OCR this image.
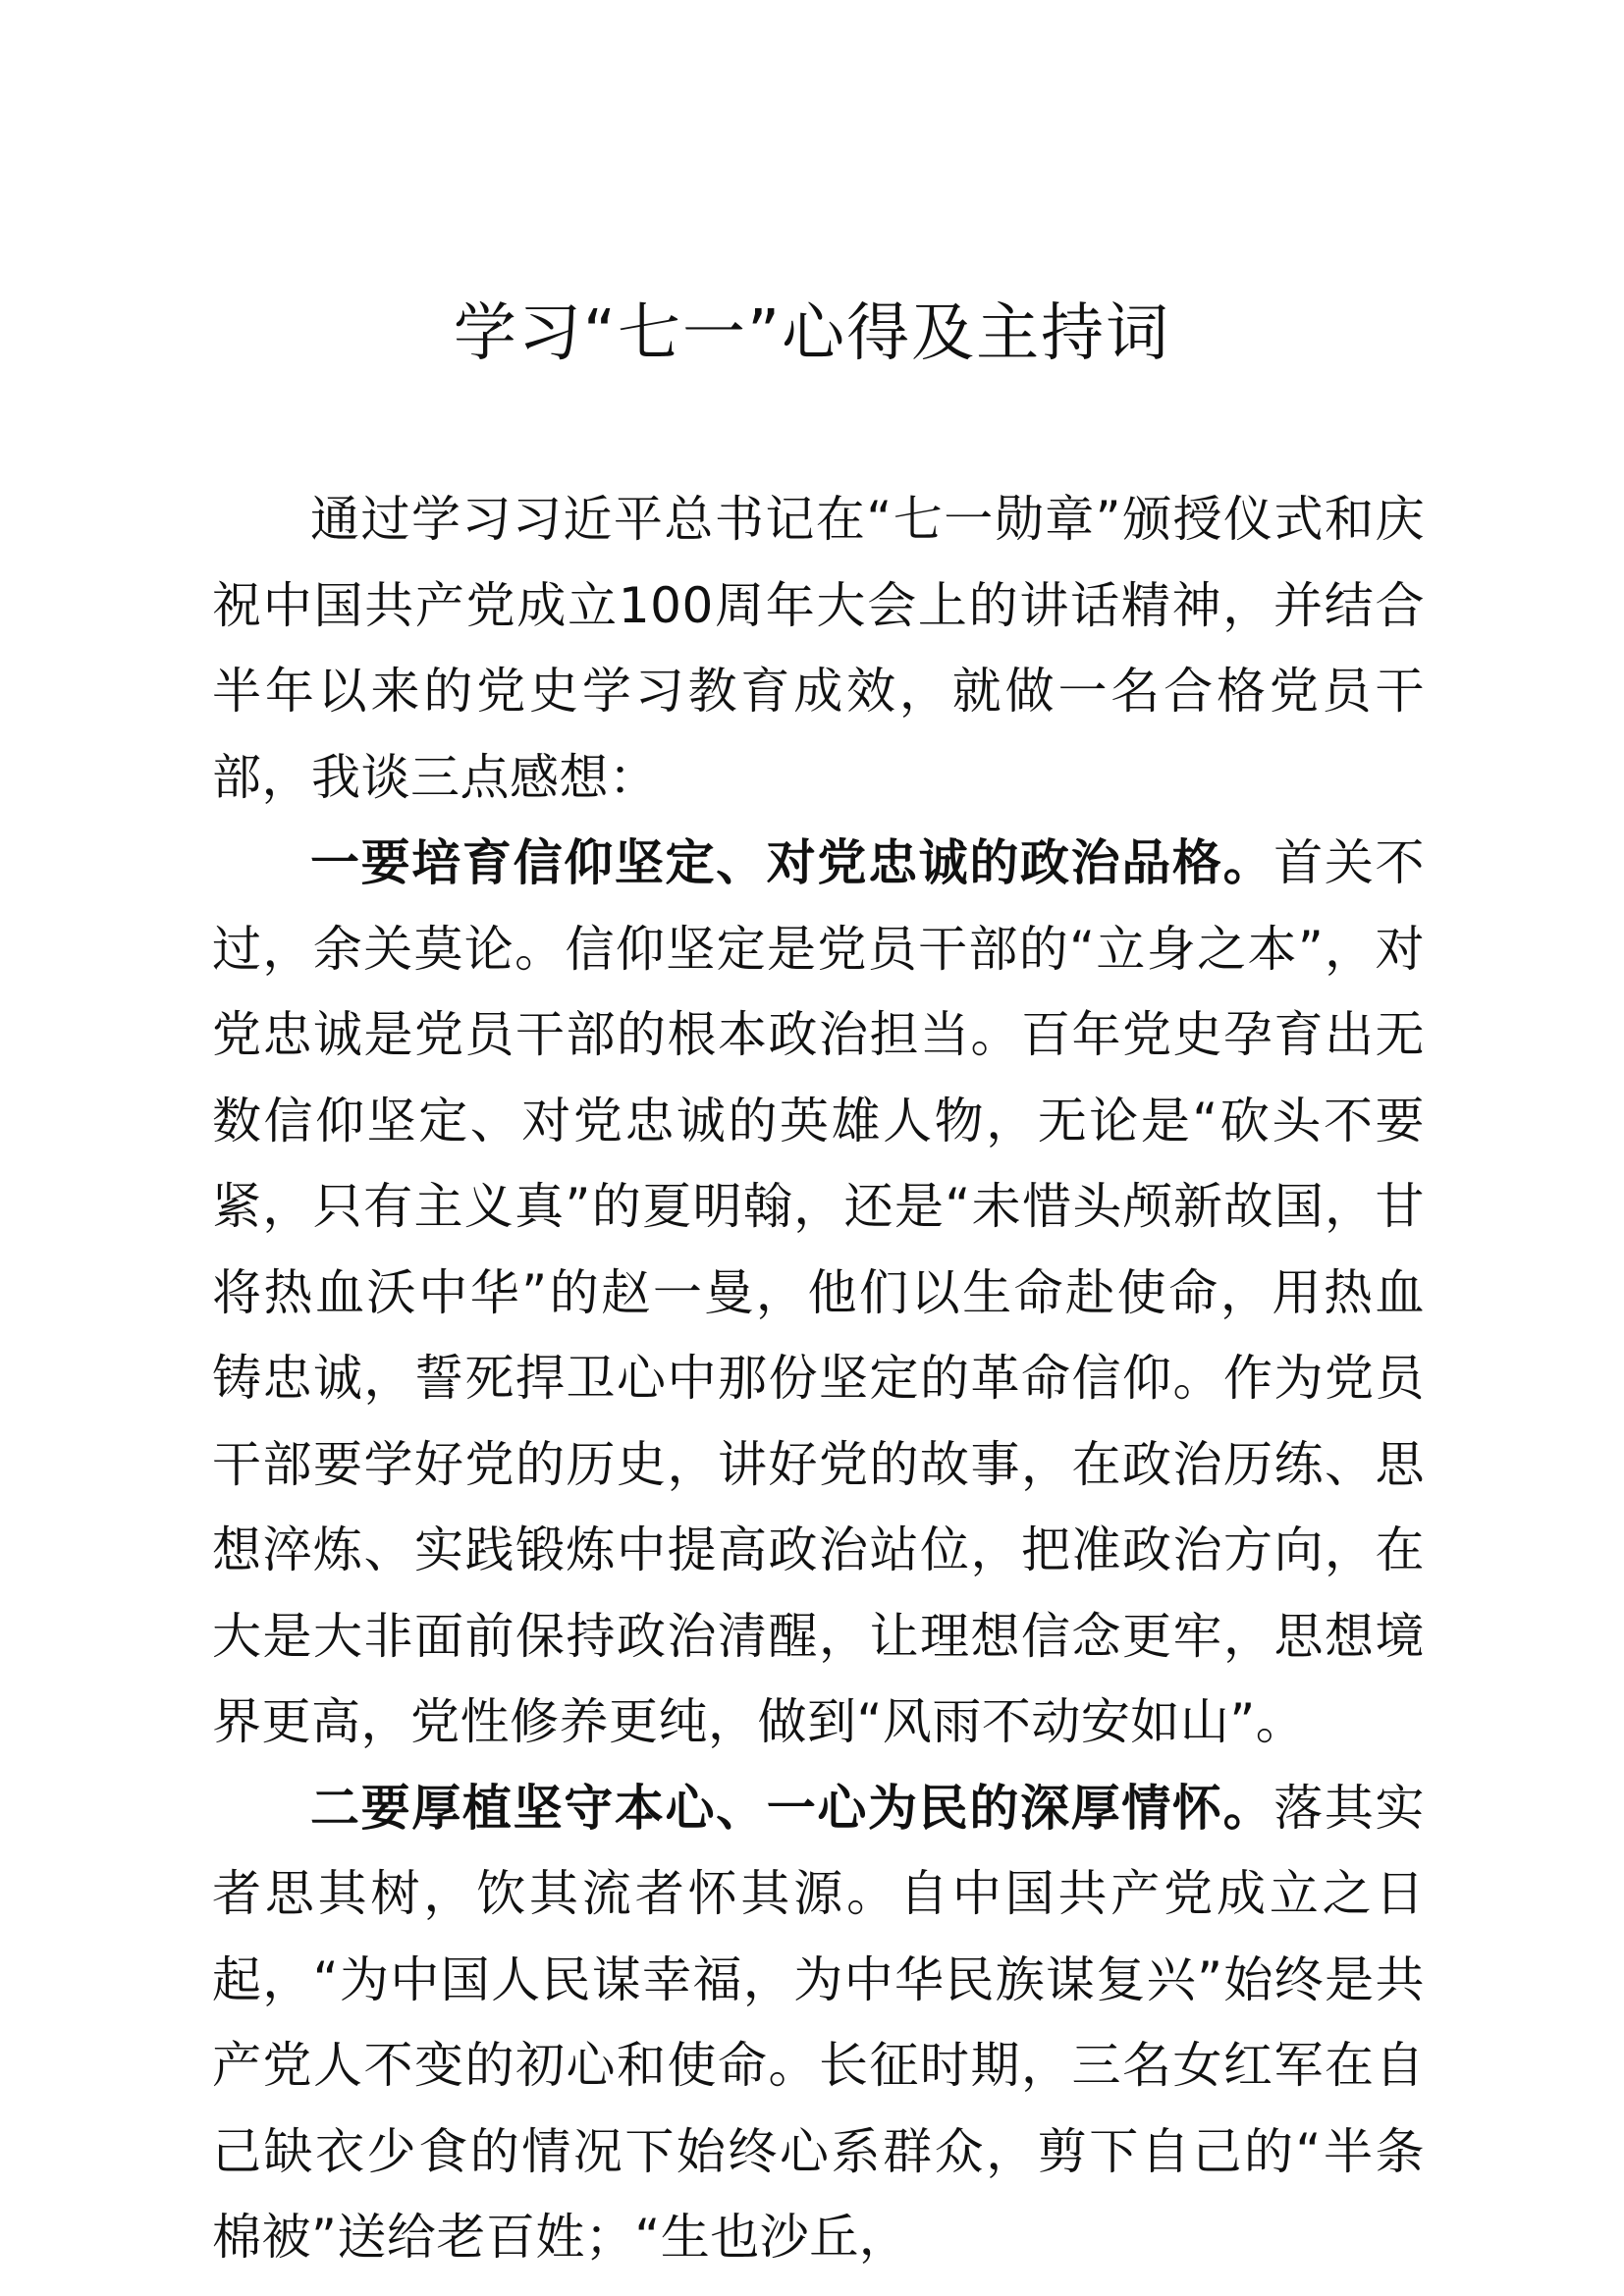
学习“七一”心得及主持词

通过学习习近平总书记在“七一勋章”颁授仪式和庆祝中国共产党成立100周年大会上的讲话精神，并结合半年以来的党史学习教育成效，就做一名合格党员干部，我谈三点感想：

一要培育信仰坚定、对党忠诚的政治品格。首关不过，余关莫论。信仰坚定是党员干部的“立身之本”，对党忠诚是党员干部的根本政治担当。百年党史孕育出无数信仰坚定、对党忠诚的英雄人物，无论是“砍头不要紧，只有主义真”的夏明翰，还是“未惜头颅新故国，甘将热血沃中华”的赵一曼，他们以生命赴使命，用热血铸忠诚，誓死捍卫心中那份坚定的革命信仰。作为党员干部要学好党的历史，讲好党的故事，在政治历练、思想淬炼、实践锻炼中提高政治站位，把准政治方向，在大是大非面前保持政治清醒，让理想信念更牢，思想境界更高，党性修养更纯，做到“风雨不动安如山”。

二要厚植坚守本心、一心为民的深厚情怀。落其实者思其树，饮其流者怀其源。自中国共产党成立之日起，“为中国人民谋幸福，为中华民族谋复兴”始终是共产党人不变的初心和使命。长征时期，三名女红军在自己缺衣少食的情况下始终心系群众，剪下自己的“半条棉被”送给老百姓；“生也沙丘，
